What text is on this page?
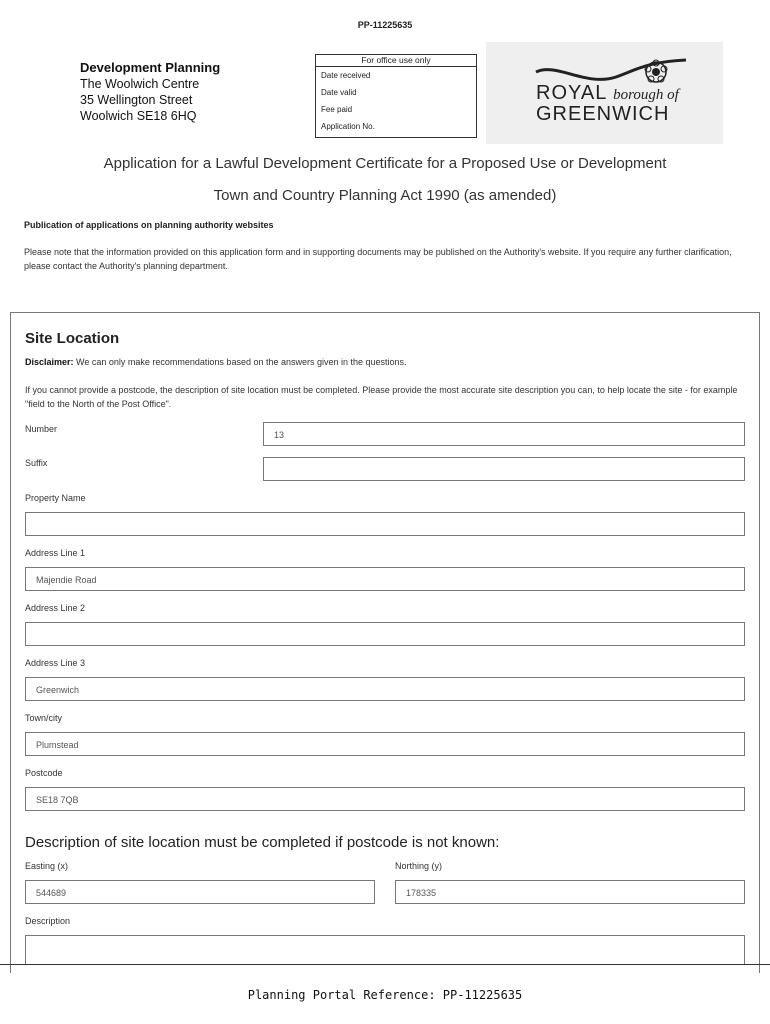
PP-11225635
Development Planning
The Woolwich Centre
35 Wellington Street
Woolwich SE18 6HQ
For office use only
Date received
Date valid
Fee paid
Application No.
ROYAL borough of
GREENWICH
Application for a Lawful Development Certificate for a Proposed Use or Development
Town and Country Planning Act 1990 (as amended)
Publication of applications on planning authority websites
Please note that the information provided on this application form and in supporting documents may be published on the Authority's website. If you require any further clarification, please contact the Authority's planning department.
Site Location
Disclaimer: We can only make recommendations based on the answers given in the questions.
If you cannot provide a postcode, the description of site location must be completed. Please provide the most accurate site description you can, to help locate the site - for example "field to the North of the Post Office".
Number
13
Suffix
Property Name
Address Line 1
Majendie Road
Address Line 2
Address Line 3
Greenwich
Town/city
Plumstead
Postcode
SE18 7QB
Description of site location must be completed if postcode is not known:
Easting (x)
544689
Northing (y)
178335
Description
Planning Portal Reference: PP-11225635
